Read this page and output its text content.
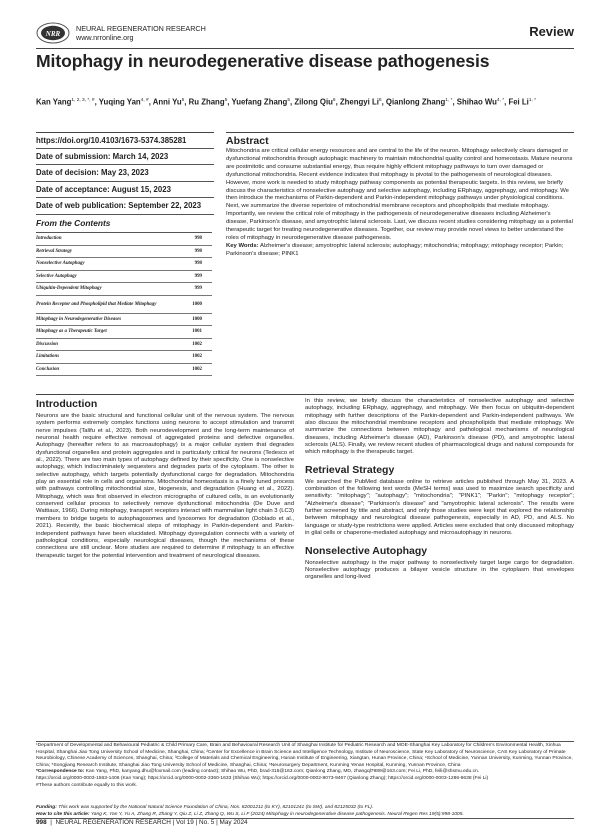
NRR
NEURAL REGENERATION RESEARCH
www.nrronline.org	Review
Mitophagy in neurodegenerative disease pathogenesis
Kan Yang$^{1, 2, 3, *, \#}$, Yuqing Yan$^{4, \#}$, Anni Yu$^5$, Ru Zhang$^5$, Yuefang Zhang$^5$, Zilong Qiu$^6$, Zhengyi Li$^6$, Qianlong Zhang$^{1, *}$, Shihao $Wu^{4, *}$, Fei $Li^{1, *}$
https://doi.org/10.4103/1673-5374.385281
Date of submission: March 14, 2023
Date of decision: May 23, 2023
Date of acceptance: August 15, 2023
Date of web publication: September 22, 2023
From the Contents
Introduction	998
Retrieval Strategy	998
Nonselective Autophagy	998
Selective Autophagy	999
Ubiquitin-Dependent Mitophagy	999
Protein Receptor and Phospholipid that Mediate Mitophagy	1000
Mitophagy in Neurodegenerative Diseases	1000
Mitophagy as a Therapeutic Target	1001
Discussion	1002
Limitations	1002
Conclusion	1002
Abstract

Mitochondria are critical cellular energy resources and are central to the life of the neuron. Mitophagy selectively clears damaged or dysfunctional mitochondria through autophagic machinery to maintain mitochondrial quality control and homeostasis. Mature neurons are postmitotic and consume substantial energy, thus require highly efficient mitophagy pathways to turn over damaged or dysfunctional mitochondria. Recent evidence indicates that mitophagy is pivotal to the pathogenesis of neurological diseases. However, more work is needed to study mitophagy pathway components as potential therapeutic targets. In this review, we briefly discuss the characteristics of nonselective autophagy and selective autophagy, including ERphagy, aggrephagy, and mitophagy. We then introduce the mechanisms of Parkin-dependent and Parkin-independent mitophagy pathways under physiological conditions. Next, we summarize the diverse repertoire of mitochondrial membrane receptors and phospholipids that mediate mitophagy. Importantly, we review the critical role of mitophagy in the pathogenesis of neurodegenerative diseases including Alzheimer's disease, Parkinson's disease, and amyotrophic lateral sclerosis. Last, we discuss recent studies considering mitophagy as a potential therapeutic target for treating neurodegenerative diseases. Together, our review may provide novel views to better understand the roles of mitophagy in neurodegenerative disease pathogenesis.

Key Words: Alzheimer's disease; amyotrophic lateral sclerosis; autophagy; mitochondria; mitophagy; mitophagy receptor; Parkin; Parkinson's disease; PINK1

Introduction

Neurons are the basic structural and functional cellular unit of the nervous system. The nervous system performs extremely complex functions using neurons to accept stimulation and transmit nerve impulses (Talifu et al., 2023). Both neurodevelopment and the long-term maintenance of neuronal health require effective removal of aggregated proteins and defective organelles. Autophagy (hereafter refers to as macroautophagy) is a major cellular system that degrades dysfunctional organelles and protein aggregates and is particularly critical for neurons (Tedesco et al., 2022). There are two main types of autophagy defined by their specificity. One is nonselective autophagy, which indiscriminately sequesters and degrades parts of the cytoplasm. The other is selective autophagy, which targets potentially dysfunctional cargo for degradation. Mitochondria play an essential role in cells and organisms. Mitochondrial homeostasis is a finely tuned process with pathways controlling mitochondrial size, biogenesis, and degradation (Huang et al., 2022). Mitophagy, which was first observed in electron micrographs of cultured cells, is an evolutionarily conserved cellular process to selectively remove dysfunctional mitochondria (De Duve and Wattiaux, 1966). During mitophagy, transport receptors interact with mammalian light chain 3 (LC3) members to bridge targets to autophagosomes and lysosomes for degradation (Doblado et al., 2021). Recently, the basic biochemical steps of mitophagy in Parkin-dependent and Parkin-independent pathways have been elucidated. Mitophagy dysregulation connects with a variety of pathological conditions, especially neurological diseases, though the mechanisms of these connections are still unclear. More studies are required to determine if mitophagy is an effective therapeutic target for the potential intervention and treatment of neurological diseases.

In this review, we briefly discuss the characteristics of nonselective autophagy and selective autophagy, including ERphagy, aggrephagy, and mitophagy. We then focus on ubiquitin-dependent mitophagy with further descriptions of the Parkin-dependent and Parkin-independent pathways. We also discuss the mitochondrial membrane receptors and phospholipids that mediate mitophagy. We summarize the connections between mitophagy and pathological mechanisms of neurological diseases, including Alzheimer's disease (AD), Parkinson's disease (PD), and amyotrophic lateral sclerosis (ALS). Finally, we review recent studies of pharmacological drugs and natural compounds for which mitophagy is the therapeutic target.

Retrieval Strategy

We searched the PubMed database online to retrieve articles published through May 31, 2023. A combination of the following text words (MeSH terms) was used to maximize search specificity and sensitivity: "mitophagy"; "autophagy"; "mitochondria"; "PINK1"; "Parkin"; "mitophagy receptor"; "Alzheimer's disease"; "Parkinson's disease" and "amyotrophic lateral sclerosis". The results were further screened by title and abstract, and only those studies were kept that explored the relationship between mitophagy and neurological disease pathogenesis, especially in AD, PD, and ALS. No language or study-type restrictions were applied. Articles were excluded that only discussed mitophagy in glial cells or chaperone-mediated autophagy and microautophagy in neurons.

Nonselective Autophagy

Nonselective autophagy is the major pathway to nonselectively target large cargo for degradation. Nonselective autophagy produces a bilayer vesicle structure in the cytoplasm that envelopes organelles and long-lived

¹Department of Developmental and Behavioural Pediatric & Child Primary Care, Brain and Behavioural Research Unit of Shanghai Institute for Pediatric Research and MOE-Shanghai Key Laboratory for Children's Environmental Health, Xinhua Hospital, Shanghai Jiao Tong University School of Medicine, Shanghai, China; ²Center for Excellence in Brain Science and Intelligence Technology, Institute of Neuroscience, State Key Laboratory of Neuroscience, CAS Key Laboratory of Primate Neurobiology, Chinese Academy of Sciences, Shanghai, China; ³College of Materials and Chemical Engineering, Hunan Institute of Engineering, Xiangtan, Hunan Province, China; ⁴School of Medicine, Yunnan University, Kunming, Yunnan Province, China; ⁵Songjiang Research Institute, Shanghai Jiao Tong University School of Medicine, Shanghai, China; ⁶Neurosurgery Department, Kunming Yenan Hospital, Kunming, Yunnan Province, China
*Correspondence to: Kan Yang, PhD, kanyang.dhu@foxmail.com (leading contact); Shihao Wu, PhD, brad-315@163.com; Qianlong Zhang, MD, zhangql7989@163.com; Fei Li, PhD, feili@shsmu.edu.cn.
https://orcid.org/0000-0003-1563-1406 (Kan Yang); https://orcid.org/0000-0002-3360-1633 (Shihao Wu); https://orcid.org/0000-0002-8073-9467 (Qianlong Zhang); https://orcid.org/0000-0003-1286-9638 (Fei Li)
#These authors contribute equally to this work.
Funding: This work was supported by the National Natural Science Foundation of China, Nos. 82001211 (to KY), 82101241 (to SW), and 82125032 (to FL).
How to cite this article: Yang K, Yan Y, Yu A, Zhang R, Zhang Y, Qiu Z, Li Z, Zhang Q, Wu S, Li F (2024) Mitophagy in neurodegenerative disease pathogenesis. Neural Regen Res 19(5):998-1005.
998  |  NEURAL REGENERATION RESEARCH | Vol 19 | No. 5 | May 2024
